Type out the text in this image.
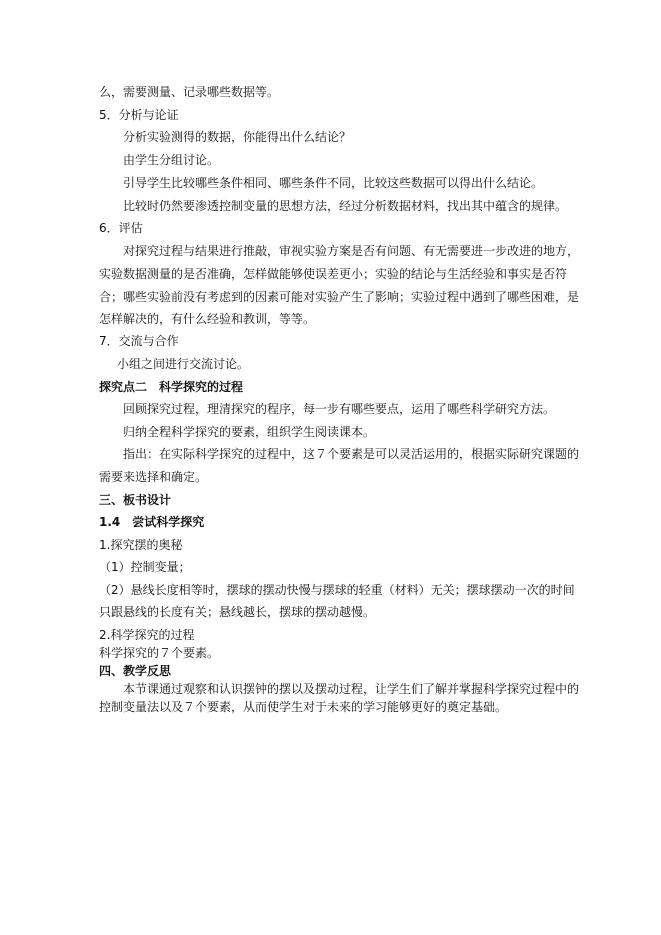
么，需要测量、记录哪些数据等。
5．分析与论证
分析实验测得的数据，你能得出什么结论？
由学生分组讨论。
引导学生比较哪些条件相同、哪些条件不同，比较这些数据可以得出什么结论。
比较时仍然要渗透控制变量的思想方法，经过分析数据材料，找出其中蕴含的规律。
6．评估
对探究过程与结果进行推敲，审视实验方案是否有问题、有无需要进一步改进的地方，
实验数据测量的是否准确，怎样做能够使误差更小；实验的结论与生活经验和事实是否符
合；哪些实验前没有考虑到的因素可能对实验产生了影响；实验过程中遇到了哪些困难，是
怎样解决的，有什么经验和教训，等等。
7．交流与合作
小组之间进行交流讨论。
探究点二　科学探究的过程
回顾探究过程，理清探究的程序，每一步有哪些要点，运用了哪些科学研究方法。
归纳全程科学探究的要素，组织学生阅读课本。
指出：在实际科学探究的过程中，这７个要素是可以灵活运用的，根据实际研究课题的
需要来选择和确定。
三、板书设计
1.4　尝试科学探究
1.探究摆的奥秘
（1）控制变量；
（2）悬线长度相等时，摆球的摆动快慢与摆球的轻重（材料）无关；摆球摆动一次的时间
只跟悬线的长度有关；悬线越长，摆球的摆动越慢。
2.科学探究的过程
科学探究的７个要素。
四、教学反思
本节课通过观察和认识摆钟的摆以及摆动过程，让学生们了解并掌握科学探究过程中的
控制变量法以及７个要素，从而使学生对于未来的学习能够更好的奠定基础。
